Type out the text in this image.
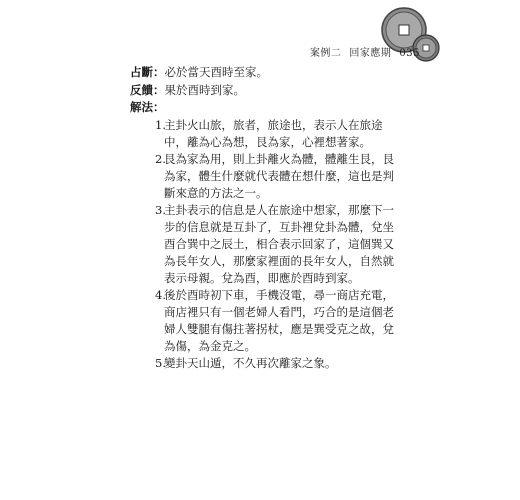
案例二 回家應期 035
占斷：必於當天酉時至家。
反饋：果於酉時到家。
解法：
1.
主卦火山旅，旅者，旅途也，表示人在旅途
中，離為心為想，艮為家，心裡想著家。
2.
艮為家為用，則上卦離火為體，體離生艮，艮
為家，體生什麼就代表體在想什麼，這也是判
斷來意的方法之一。
3.
主卦表示的信息是人在旅途中想家，那麼下一
步的信息就是互卦了，互卦裡兌卦為體，兌坐
酉合巽中之辰土，相合表示回家了，這個巽又
為長年女人，那麼家裡面的長年女人，自然就
表示母親。兌為酉，即應於酉時到家。
4.
後於酉時初下車，手機沒電，尋一商店充電，
商店裡只有一個老婦人看門，巧合的是這個老
婦人雙腿有傷拄著拐杖，應是巽受克之故，兌
為傷，為金克之。
5.
變卦天山遁，不久再次離家之象。
